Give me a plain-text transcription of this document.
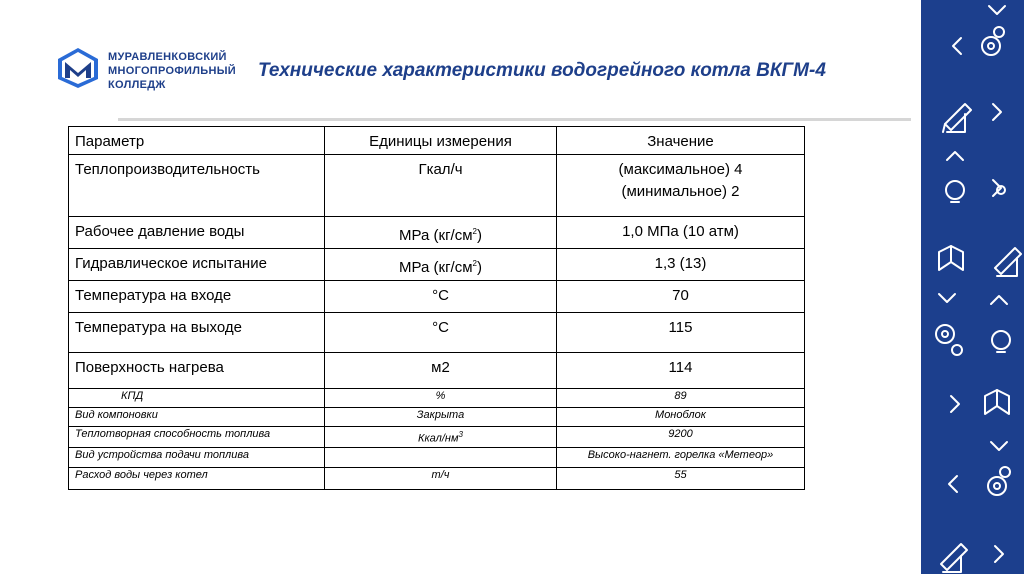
МУРАВЛЕНКОВСКИЙ
МНОГОПРОФИЛЬНЫЙ
КОЛЛЕДЖ
Технические характеристики водогрейного котла ВКГМ-4
Параметр	Единицы измерения	Значение
Теплопроизводительность	Гкал/ч	(максимальное) 4
(минимальное) 2

Рабочее давление воды	МРа $(кг/см^2)$	1,0 МПа (10 атм)
Гидравлическое испытание	МРа $(кг/см^2)$	1,3 (13)
Температура на входе	°С	70
Температура на выходе	°С	115
Поверхность нагрева	м2	114
КПД	%	89
Вид компоновки	Закрыта	Моноблок
Теплотворная способность топлива	Ккал/$нм^3$	9200
Вид устройства подачи топлива		Высоко-нагнет. горелка «Метеор»
Расход воды через котел	т/ч	55
